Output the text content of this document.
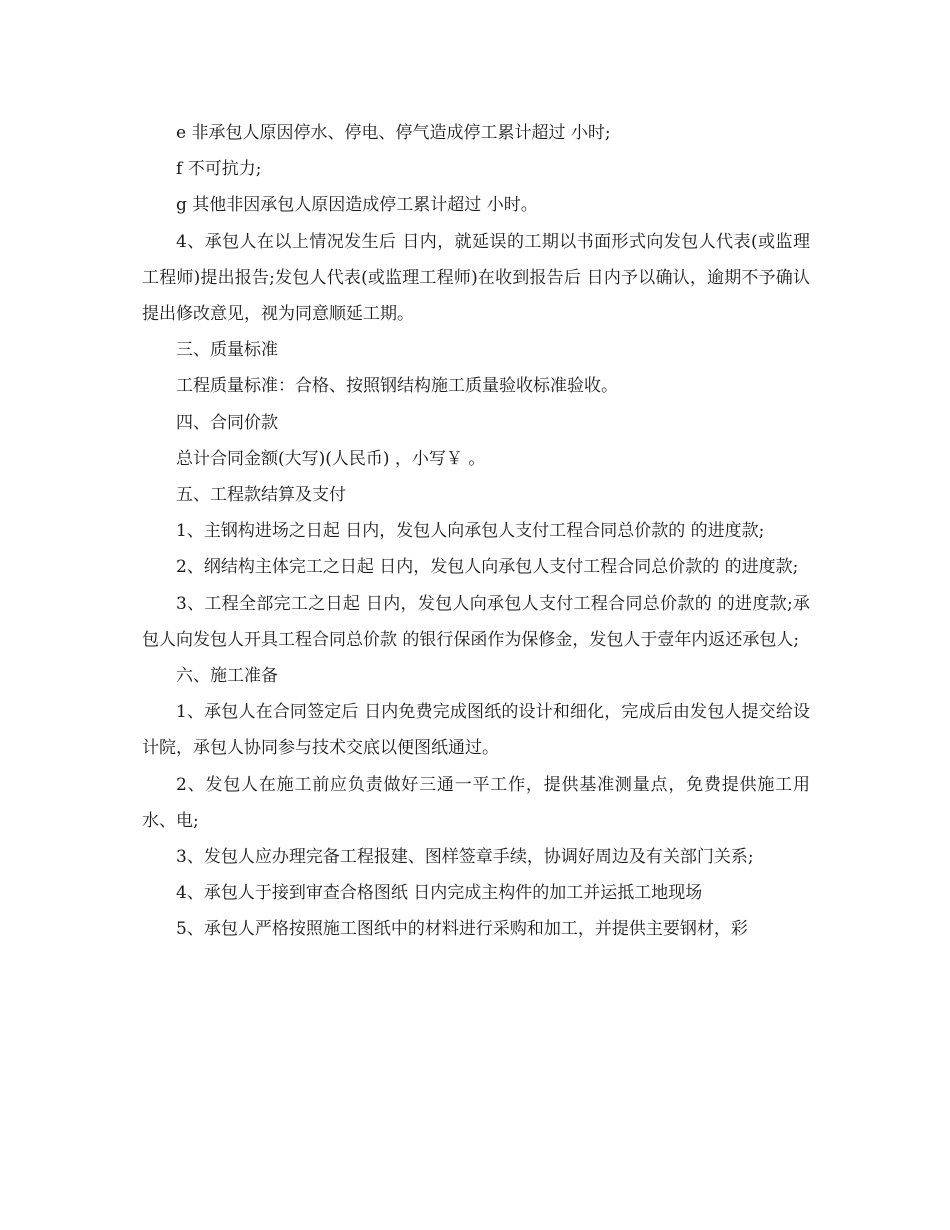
e 非承包人原因停水、停电、停气造成停工累计超过 小时;

f 不可抗力;

g 其他非因承包人原因造成停工累计超过 小时。

4、承包人在以上情况发生后 日内，就延误的工期以书面形式向发包人代表(或监理工程师)提出报告;发包人代表(或监理工程师)在收到报告后 日内予以确认，逾期不予确认提出修改意见，视为同意顺延工期。

三、质量标准

工程质量标准：合格、按照钢结构施工质量验收标准验收。

四、合同价款

总计合同金额(大写)(人民币) ，小写￥ 。

五、工程款结算及支付

1、主钢构进场之日起 日内，发包人向承包人支付工程合同总价款的 的进度款;

2、纲结构主体完工之日起 日内，发包人向承包人支付工程合同总价款的 的进度款;

3、工程全部完工之日起 日内，发包人向承包人支付工程合同总价款的 的进度款;承包人向发包人开具工程合同总价款 的银行保函作为保修金，发包人于壹年内返还承包人;

六、施工准备

1、承包人在合同签定后 日内免费完成图纸的设计和细化，完成后由发包人提交给设计院，承包人协同参与技术交底以便图纸通过。

2、发包人在施工前应负责做好三通一平工作，提供基准测量点，免费提供施工用水、电;

3、发包人应办理完备工程报建、图样签章手续，协调好周边及有关部门关系;

4、承包人于接到审查合格图纸 日内完成主构件的加工并运抵工地现场

5、承包人严格按照施工图纸中的材料进行采购和加工，并提供主要钢材，彩
